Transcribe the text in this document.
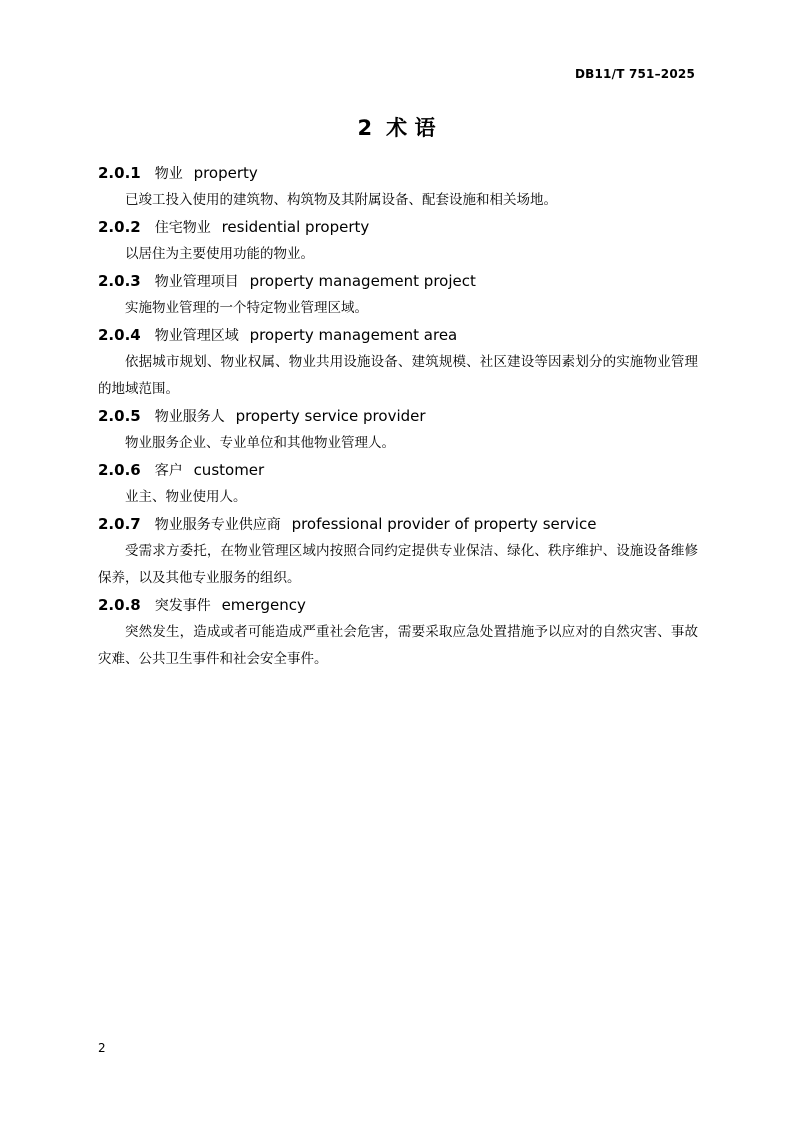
DB11/T 751–2025
2 术 语
2.0.1 物业 property

已竣工投入使用的建筑物、构筑物及其附属设备、配套设施和相关场地。

2.0.2 住宅物业 residential property

以居住为主要使用功能的物业。

2.0.3 物业管理项目 property management project

实施物业管理的一个特定物业管理区域。

2.0.4 物业管理区域 property management area

依据城市规划、物业权属、物业共用设施设备、建筑规模、社区建设等因素划分的实施物业管理的地域范围。

2.0.5 物业服务人 property service provider

物业服务企业、专业单位和其他物业管理人。

2.0.6 客户 customer

业主、物业使用人。

2.0.7 物业服务专业供应商 professional provider of property service

受需求方委托，在物业管理区域内按照合同约定提供专业保洁、绿化、秩序维护、设施设备维修保养，以及其他专业服务的组织。

2.0.8 突发事件 emergency

突然发生，造成或者可能造成严重社会危害，需要采取应急处置措施予以应对的自然灾害、事故灾难、公共卫生事件和社会安全事件。

2
